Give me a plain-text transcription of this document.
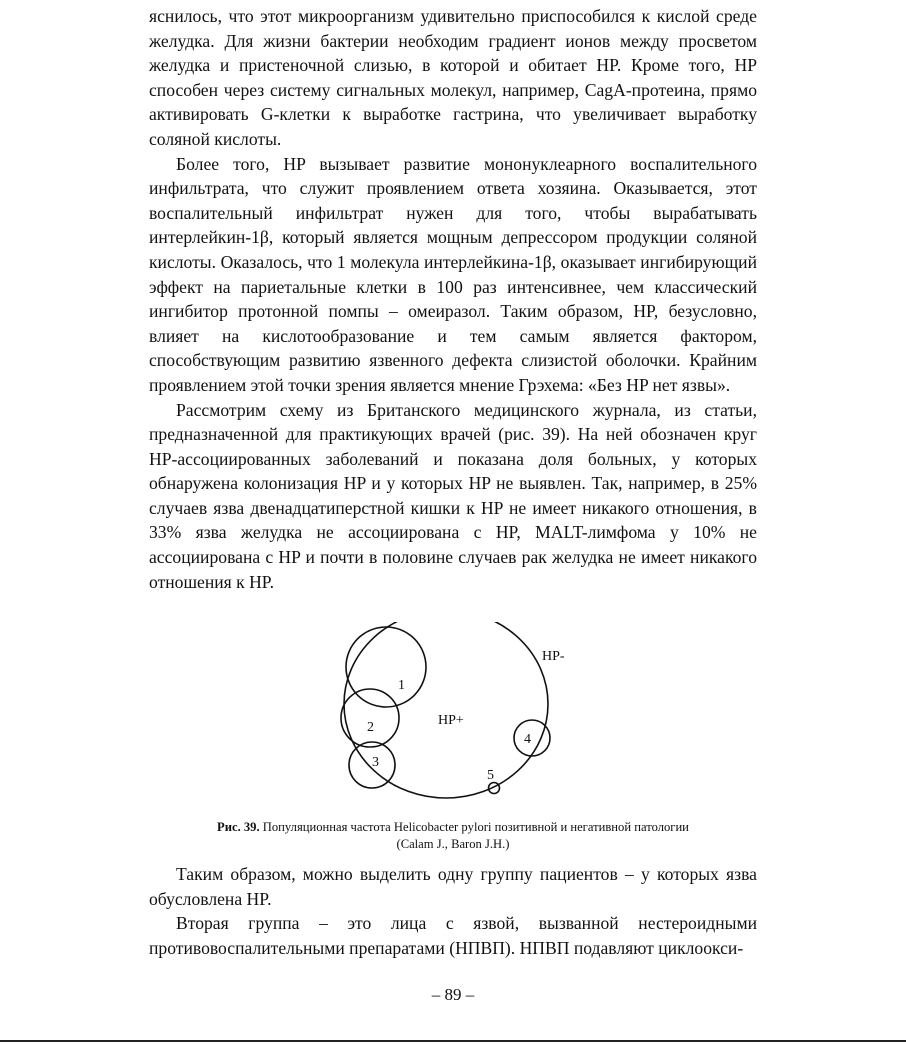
яснилось, что этот микроорганизм удивительно приспособился к кислой среде желудка. Для жизни бактерии необходим градиент ионов между просветом желудка и пристеночной слизью, в которой и обитает HP. Кроме того, HP способен через систему сигнальных молекул, например, CagA-протеина, прямо активировать G-клетки к выработке гастрина, что увеличивает выработку соляной кислоты.

Более того, HP вызывает развитие мононуклеарного воспалительного инфильтрата, что служит проявлением ответа хозяина. Оказывается, этот воспалительный инфильтрат нужен для того, чтобы вырабатывать интерлейкин-1β, который является мощным депрессором продукции соляной кислоты. Оказалось, что 1 молекула интерлейкина-1β, оказывает ингибирующий эффект на париетальные клетки в 100 раз интенсивнее, чем классический ингибитор протонной помпы – омеиразол. Таким образом, HP, безусловно, влияет на кислотообразование и тем самым является фактором, способствующим развитию язвенного дефекта слизистой оболочки. Крайним проявлением этой точки зрения является мнение Грэхема: «Без HP нет язвы».

Рассмотрим схему из Британского медицинского журнала, из статьи, предназначенной для практикующих врачей (рис. 39). На ней обозначен круг HP-ассоциированных заболеваний и показана доля больных, у которых обнаружена колонизация HP и у которых HP не выявлен. Так, например, в 25% случаев язва двенадцатиперстной кишки к HP не имеет никакого отношения, в 33% язва желудка не ассоциирована с HP, MALT-лимфома у 10% не ассоциирована с HP и почти в половине случаев рак желудка не имеет никакого отношения к HP.

HP-
HP+
1
2
3
4
5
Рис. 39. Популяционная частота Helicobacter pylori позитивной и негативной патологии
(Calam J., Baron J.H.)

Таким образом, можно выделить одну группу пациентов – у которых язва обусловлена HP.

Вторая группа – это лица с язвой, вызванной нестероидными противовоспалительными препаратами (НПВП). НПВП подавляют циклоокси-

– 89 –
